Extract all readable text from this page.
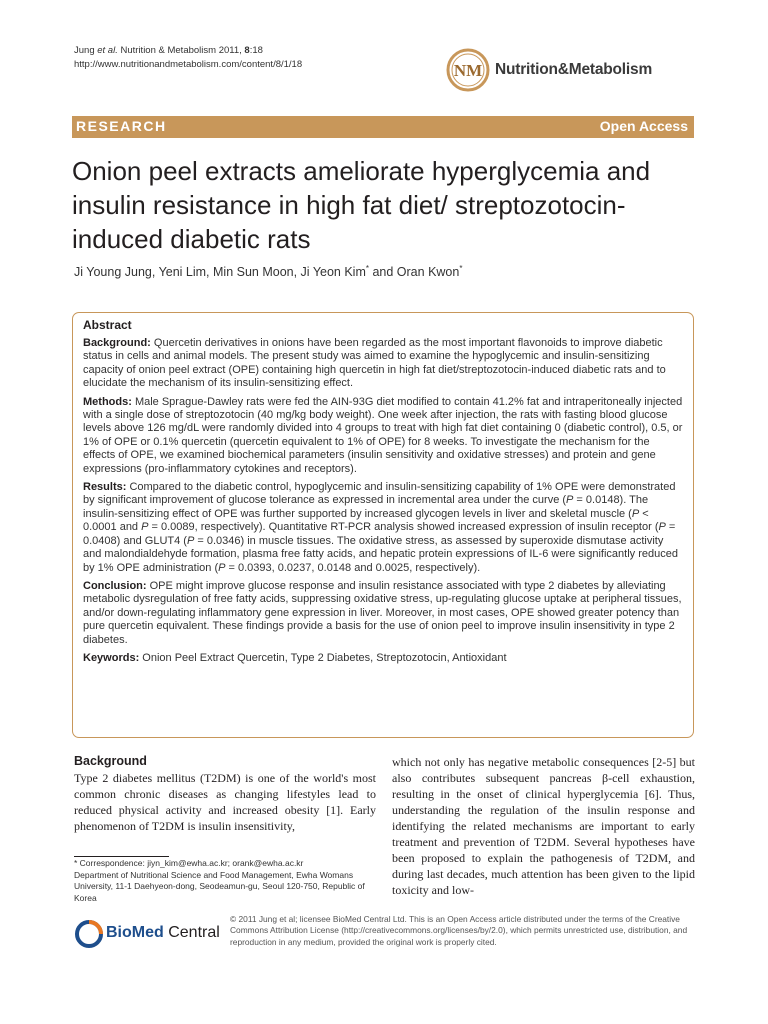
Jung et al. Nutrition & Metabolism 2011, 8:18
http://www.nutritionandmetabolism.com/content/8/1/18	NM Nutrition&Metabolism
RESEARCH	Open Access
Onion peel extracts ameliorate hyperglycemia and insulin resistance in high fat diet/ streptozotocin-induced diabetic rats
Ji Young Jung, Yeni Lim, Min Sun Moon, Ji Yeon Kim* and Oran Kwon*
Abstract
Background: Quercetin derivatives in onions have been regarded as the most important flavonoids to improve diabetic status in cells and animal models. The present study was aimed to examine the hypoglycemic and insulin-sensitizing capacity of onion peel extract (OPE) containing high quercetin in high fat diet/streptozotocin-induced diabetic rats and to elucidate the mechanism of its insulin-sensitizing effect.
Methods: Male Sprague-Dawley rats were fed the AIN-93G diet modified to contain 41.2% fat and intraperitoneally injected with a single dose of streptozotocin (40 mg/kg body weight). One week after injection, the rats with fasting blood glucose levels above 126 mg/dL were randomly divided into 4 groups to treat with high fat diet containing 0 (diabetic control), 0.5, or 1% of OPE or 0.1% quercetin (quercetin equivalent to 1% of OPE) for 8 weeks. To investigate the mechanism for the effects of OPE, we examined biochemical parameters (insulin sensitivity and oxidative stresses) and protein and gene expressions (pro-inflammatory cytokines and receptors).
Results: Compared to the diabetic control, hypoglycemic and insulin-sensitizing capability of 1% OPE were demonstrated by significant improvement of glucose tolerance as expressed in incremental area under the curve (P = 0.0148). The insulin-sensitizing effect of OPE was further supported by increased glycogen levels in liver and skeletal muscle (P < 0.0001 and P = 0.0089, respectively). Quantitative RT-PCR analysis showed increased expression of insulin receptor (P = 0.0408) and GLUT4 (P = 0.0346) in muscle tissues. The oxidative stress, as assessed by superoxide dismutase activity and malondialdehyde formation, plasma free fatty acids, and hepatic protein expressions of IL-6 were significantly reduced by 1% OPE administration (P = 0.0393, 0.0237, 0.0148 and 0.0025, respectively).
Conclusion: OPE might improve glucose response and insulin resistance associated with type 2 diabetes by alleviating metabolic dysregulation of free fatty acids, suppressing oxidative stress, up-regulating glucose uptake at peripheral tissues, and/or down-regulating inflammatory gene expression in liver. Moreover, in most cases, OPE showed greater potency than pure quercetin equivalent. These findings provide a basis for the use of onion peel to improve insulin insensitivity in type 2 diabetes.
Keywords: Onion Peel Extract Quercetin, Type 2 Diabetes, Streptozotocin, Antioxidant
Background
Type 2 diabetes mellitus (T2DM) is one of the world's most common chronic diseases as changing lifestyles lead to reduced physical activity and increased obesity [1]. Early phenomenon of T2DM is insulin insensitivity,
which not only has negative metabolic consequences [2-5] but also contributes subsequent pancreas β-cell exhaustion, resulting in the onset of clinical hyperglycemia [6]. Thus, understanding the regulation of the insulin response and identifying the related mechanisms are important to early treatment and prevention of T2DM. Several hypotheses have been proposed to explain the pathogenesis of T2DM, and during last decades, much attention has been given to the lipid toxicity and low-
* Correspondence: jiyn_kim@ewha.ac.kr; orank@ewha.ac.kr
Department of Nutritional Science and Food Management, Ewha Womans University, 11-1 Daehyeon-dong, Seodeamun-gu, Seoul 120-750, Republic of Korea
BioMed Central
© 2011 Jung et al; licensee BioMed Central Ltd. This is an Open Access article distributed under the terms of the Creative Commons Attribution License (http://creativecommons.org/licenses/by/2.0), which permits unrestricted use, distribution, and reproduction in any medium, provided the original work is properly cited.
